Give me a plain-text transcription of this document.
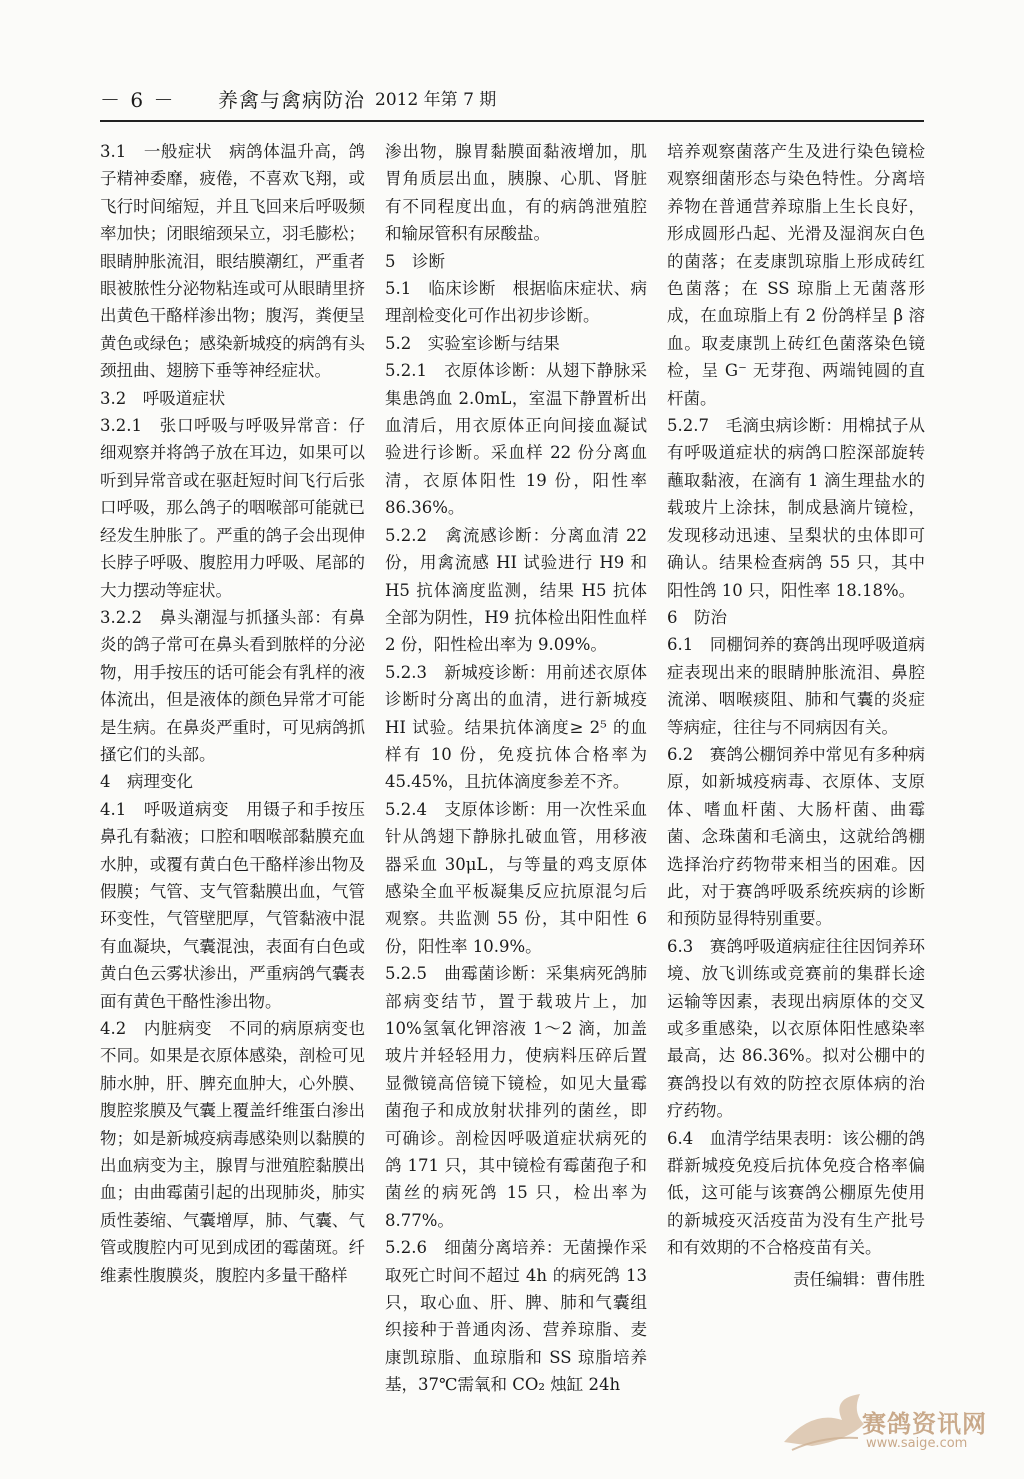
－ 6 － 养禽与禽病防治 2012 年第 7 期

3.1　一般症状　病鸽体温升高，鸽子精神委靡，疲倦，不喜欢飞翔，或飞行时间缩短，并且飞回来后呼吸频率加快；闭眼缩颈呆立，羽毛膨松；眼睛肿胀流泪，眼结膜潮红，严重者眼被脓性分泌物粘连或可从眼睛里挤出黄色干酪样渗出物；腹泻，粪便呈黄色或绿色；感染新城疫的病鸽有头颈扭曲、翅膀下垂等神经症状。

3.2　呼吸道症状

3.2.1　张口呼吸与呼吸异常音：仔细观察并将鸽子放在耳边，如果可以听到异常音或在驱赶短时间飞行后张口呼吸，那么鸽子的咽喉部可能就已经发生肿胀了。严重的鸽子会出现伸长脖子呼吸、腹腔用力呼吸、尾部的大力摆动等症状。

3.2.2　鼻头潮湿与抓搔头部：有鼻炎的鸽子常可在鼻头看到脓样的分泌物，用手按压的话可能会有乳样的液体流出，但是液体的颜色异常才可能是生病。在鼻炎严重时，可见病鸽抓搔它们的头部。

4　病理变化

4.1　呼吸道病变　用镊子和手按压鼻孔有黏液；口腔和咽喉部黏膜充血水肿，或覆有黄白色干酪样渗出物及假膜；气管、支气管黏膜出血，气管环变性，气管壁肥厚，气管黏液中混有血凝块，气囊混浊，表面有白色或黄白色云雾状渗出，严重病鸽气囊表面有黄色干酪性渗出物。

4.2　内脏病变　不同的病原病变也不同。如果是衣原体感染，剖检可见肺水肿，肝、脾充血肿大，心外膜、腹腔浆膜及气囊上覆盖纤维蛋白渗出物；如是新城疫病毒感染则以黏膜的出血病变为主，腺胃与泄殖腔黏膜出血；由曲霉菌引起的出现肺炎，肺实质性萎缩、气囊增厚，肺、气囊、气管或腹腔内可见到成团的霉菌斑。纤维素性腹膜炎，腹腔内多量干酪样

渗出物，腺胃黏膜面黏液增加，肌胃角质层出血，胰腺、心肌、肾脏有不同程度出血，有的病鸽泄殖腔和输尿管积有尿酸盐。

5　诊断

5.1　临床诊断　根据临床症状、病理剖检变化可作出初步诊断。

5.2　实验室诊断与结果

5.2.1　衣原体诊断：从翅下静脉采集患鸽血 2.0mL，室温下静置析出血清后，用衣原体正向间接血凝试验进行诊断。采血样 22 份分离血清，衣原体阳性 19 份，阳性率 86.36%。

5.2.2　禽流感诊断：分离血清 22 份，用禽流感 HI 试验进行 H9 和 H5 抗体滴度监测，结果 H5 抗体全部为阴性，H9 抗体检出阳性血样 2 份，阳性检出率为 9.09%。

5.2.3　新城疫诊断：用前述衣原体诊断时分离出的血清，进行新城疫 HI 试验。结果抗体滴度≥ 2⁵ 的血样有 10 份，免疫抗体合格率为 45.45%，且抗体滴度参差不齐。

5.2.4　支原体诊断：用一次性采血针从鸽翅下静脉扎破血管，用移液器采血 30μL，与等量的鸡支原体感染全血平板凝集反应抗原混匀后观察。共监测 55 份，其中阳性 6 份，阳性率 10.9%。

5.2.5　曲霉菌诊断：采集病死鸽肺部病变结节，置于载玻片上，加 10%氢氧化钾溶液 1～2 滴，加盖玻片并轻轻用力，使病料压碎后置显微镜高倍镜下镜检，如见大量霉菌孢子和成放射状排列的菌丝，即可确诊。剖检因呼吸道症状病死的鸽 171 只，其中镜检有霉菌孢子和菌丝的病死鸽 15 只，检出率为 8.77%。

5.2.6　细菌分离培养：无菌操作采取死亡时间不超过 4h 的病死鸽 13 只，取心血、肝、脾、肺和气囊组织接种于普通肉汤、营养琼脂、麦康凯琼脂、血琼脂和 SS 琼脂培养基，37℃需氧和 CO₂ 烛缸 24h

培养观察菌落产生及进行染色镜检观察细菌形态与染色特性。分离培养物在普通营养琼脂上生长良好，形成圆形凸起、光滑及湿润灰白色的菌落；在麦康凯琼脂上形成砖红色菌落；在 SS 琼脂上无菌落形成，在血琼脂上有 2 份鸽样呈 β 溶血。取麦康凯上砖红色菌落染色镜检，呈 G⁻ 无芽孢、两端钝圆的直杆菌。

5.2.7　毛滴虫病诊断：用棉拭子从有呼吸道症状的病鸽口腔深部旋转蘸取黏液，在滴有 1 滴生理盐水的载玻片上涂抹，制成悬滴片镜检，发现移动迅速、呈梨状的虫体即可确认。结果检查病鸽 55 只，其中阳性鸽 10 只，阳性率 18.18%。

6　防治

6.1　同棚饲养的赛鸽出现呼吸道病症表现出来的眼睛肿胀流泪、鼻腔流涕、咽喉痰阻、肺和气囊的炎症等病症，往往与不同病因有关。

6.2　赛鸽公棚饲养中常见有多种病原，如新城疫病毒、衣原体、支原体、嗜血杆菌、大肠杆菌、曲霉菌、念珠菌和毛滴虫，这就给鸽棚选择治疗药物带来相当的困难。因此，对于赛鸽呼吸系统疾病的诊断和预防显得特别重要。

6.3　赛鸽呼吸道病症往往因饲养环境、放飞训练或竞赛前的集群长途运输等因素，表现出病原体的交叉或多重感染，以衣原体阳性感染率最高，达 86.36%。拟对公棚中的赛鸽投以有效的防控衣原体病的治疗药物。

6.4　血清学结果表明：该公棚的鸽群新城疫免疫后抗体免疫合格率偏低，这可能与该赛鸽公棚原先使用的新城疫灭活疫苗为没有生产批号和有效期的不合格疫苗有关。

责任编辑：曹伟胜

赛鸽资讯网
www.saige.com
